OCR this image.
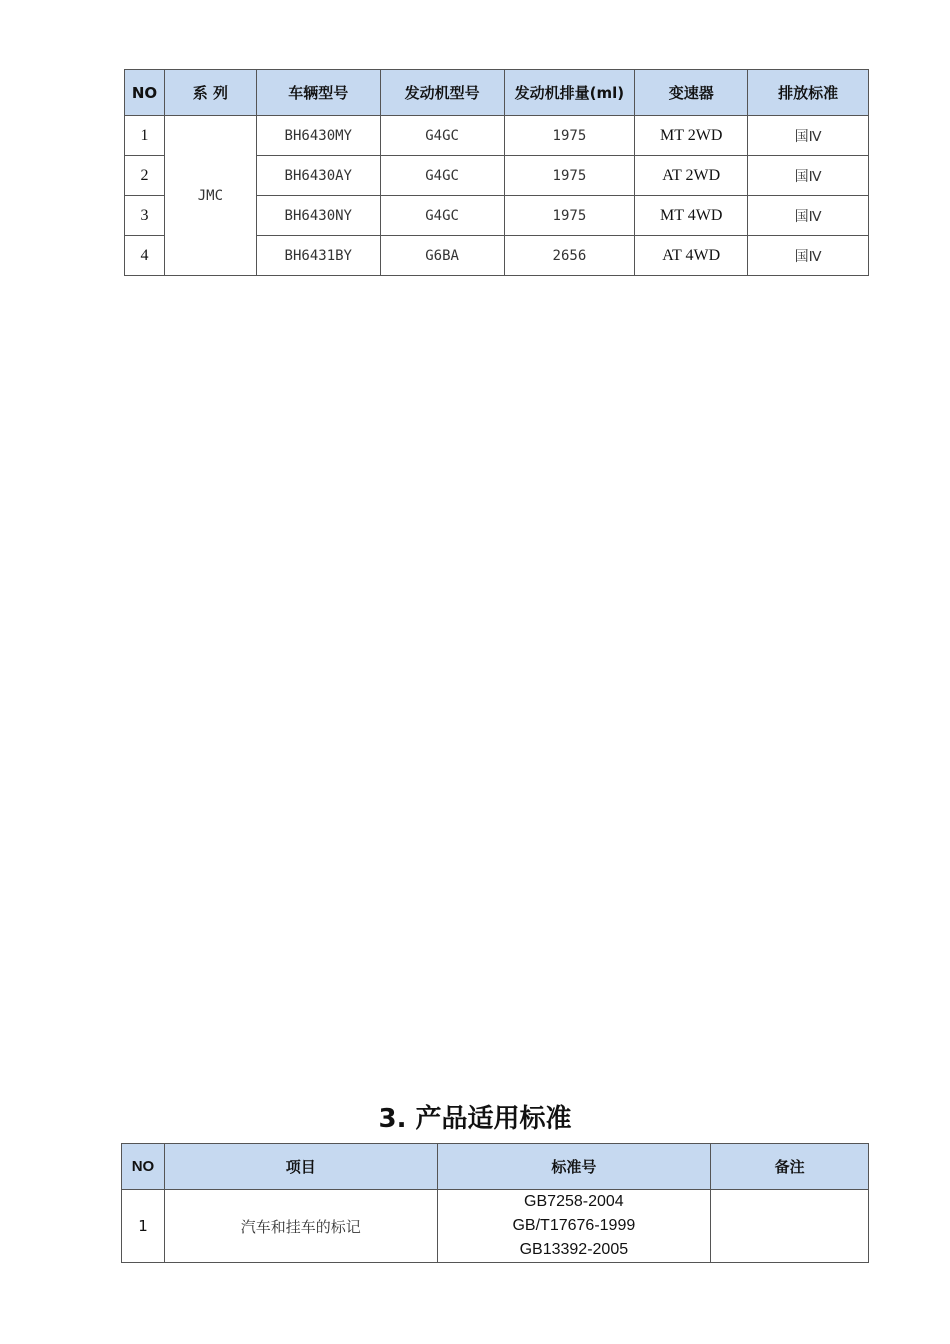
NO	系 列	车辆型号	发动机型号	发动机排量(ml)	变速器	排放标准
1	JMC	BH6430MY	G4GC	1975	MT 2WD	国Ⅳ
2		BH6430AY	G4GC	1975	AT 2WD	国Ⅳ
3		BH6430NY	G4GC	1975	MT 4WD	国Ⅳ
4		BH6431BY	G6BA	2656	AT 4WD	国Ⅳ
3. 产品适用标准
NO	项目	标准号	备注
1	汽车和挂车的标记	GB7258-2004
GB/T17676-1999
GB13392-2005	
